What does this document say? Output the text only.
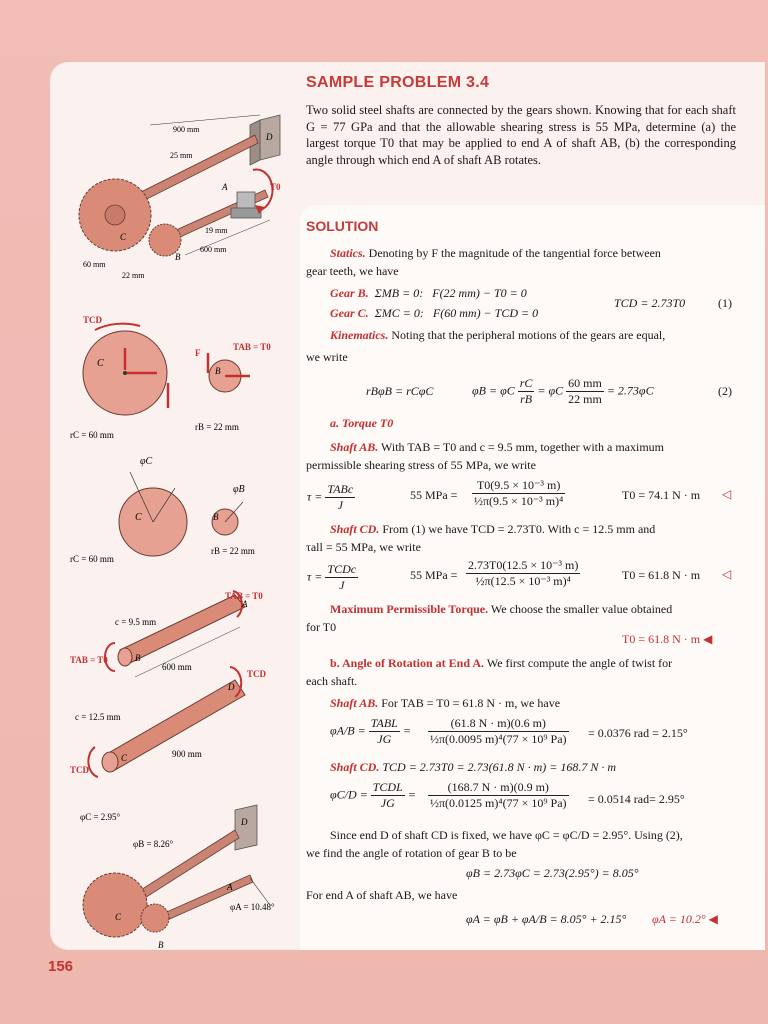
SAMPLE PROBLEM 3.4
Two solid steel shafts are connected by the gears shown. Knowing that for each shaft G = 77 GPa and that the allowable shearing stress is 55 MPa, determine (a) the largest torque T0 that may be applied to end A of shaft AB, (b) the corresponding angle through which end A of shaft AB rotates.
SOLUTION
900 mm
25 mm
19 mm
600 mm
60 mm
22 mm
D
A
B
C
T0
TCD
TAB = T0
F
C
B
rC = 60 mm
rB = 22 mm
φC
φB
C	B
rC = 60 mm
rB = 22 mm
c = 9.5 mm
TAB = T0
TAB = T0
600 mm
B
A
c = 12.5 mm
TCD
TCD
900 mm
C
D
φC = 2.95°
φB = 8.26°
φA = 10.48°
D
A
B
C
Statics. Denoting by F the magnitude of the tangential force between
gear teeth, we have
Gear B. ΣMB = 0: F(22 mm) − T0 = 0
Gear C. ΣMC = 0: F(60 mm) − TCD = 0
TCD = 2.73T0	(1)
Kinematics. Noting that the peripheral motions of the gears are equal,
we write
rBφB = rCφC	φB = φC $\frac{rC}{rB} = \varphi C \frac{60 mm}{22 mm} = 2.73\varphi C$	(2)
a. Torque T0
Shaft AB. With TAB = T0 and c = 9.5 mm, together with a maximum
permissible shearing stress of 55 MPa, we write
$\tau = \frac{\text{TABc}}{J}$	55 MPa = $\frac{\text{T0(9.5 × 10⁻³ m)}}{\text{½π(9.5 × 10⁻³ m)⁴}}$	T0 = 74.1 N · m ◁
Shaft CD. From (1) we have TCD = 2.73T0. With c = 12.5 mm and
τall = 55 MPa, we write
$\tau = \frac{\text{TCDc}}{J}$	55 MPa = $\frac{\text{2.73T0(12.5 × 10⁻³ m)}}{\text{½π(12.5 × 10⁻³ m)⁴}}$	T0 = 61.8 N · m ◁
Maximum Permissible Torque. We choose the smaller value obtained
for T0
T0 = 61.8 N · m ◀
b. Angle of Rotation at End A. We first compute the angle of twist for
each shaft.
Shaft AB. For TAB = T0 = 61.8 N · m, we have
$\varphi A/B = \frac{\text{TABL}}{JG} = \frac{(61.8 N \cdot m)(0.6 m)}{\text{½π(0.0095 m)⁴(77 × 10⁹ Pa)}} = 0.0376$ rad = 2.15°
Shaft CD. TCD = 2.73T0 = 2.73(61.8 N · m) = 168.7 N · m
$\varphi C/D = \frac{\text{TCDL}}{JG} = \frac{(168.7 N \cdot m)(0.9 m)}{\text{½π(0.0125 m)⁴(77 × 10⁹ Pa)}} = 0.0514$ rad= 2.95°
Since end D of shaft CD is fixed, we have φC = φC/D = 2.95°. Using (2),
we find the angle of rotation of gear B to be
φB = 2.73φC = 2.73(2.95°) = 8.05°
For end A of shaft AB, we have
φA = φB + φA/B = 8.05° + 2.15° φA = 10.2° ◀
156
